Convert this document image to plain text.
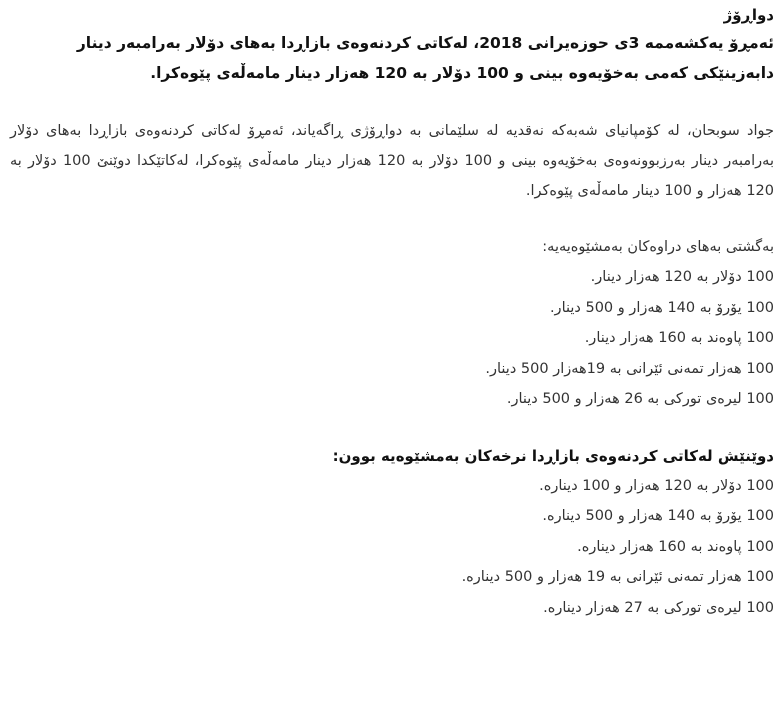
دواڕۆژ

ئەمڕۆ یەکشەممە 3ی حوزەیرانی 2018، لەکاتی کردنەوەی بازاڕدا بەهای دۆلار بەرامبەر دینار

دابەزینێکی کەمی بەخۆیەوە بینی و 100 دۆلار بە 120 هەزار دینار مامەڵەی پێوەکرا.

جواد سوبحان، لە کۆمپانیای شەبەکە نەقدیە لە سلێمانی بە دواڕۆژی ڕاگەیاند، ئەمڕۆ لەکاتی کردنەوەی بازاڕدا بەهای دۆلار بەرامبەر دینار بەرزبوونەوەی بەخۆیەوە بینی و 100 دۆلار بە 120 هەزار دینار مامەڵەی پێوەکرا، لەکاتێکدا دوێنێ 100 دۆلار بە 120 هەزار و 100 دینار مامەڵەی پێوەکرا.
بەگشتی بەهای دراوەکان بەمشێوەیەیە:
100 دۆلار بە 120 هەزار دینار.
100 یۆرۆ بە 140 هەزار و 500 دینار.
100 پاوەند بە 160 هەزار دینار.
100 هەزار تمەنی ئێرانی بە 19هەزار 500 دینار.
100 لیرەی تورکی بە 26 هەزار و 500 دینار.
دوێنێش لەکاتی کردنەوەی بازاڕدا نرخەکان بەمشێوەیە بوون:
100 دۆلار بە 120 هەزار و 100 دینارە.
100 یۆرۆ بە 140 هەزار و 500 دینارە.
100 پاوەند بە 160 هەزار دینارە.
100 هەزار تمەنی ئێرانی بە 19 هەزار و 500 دینارە.
100 لیرەی تورکی بە 27 هەزار دینارە.
